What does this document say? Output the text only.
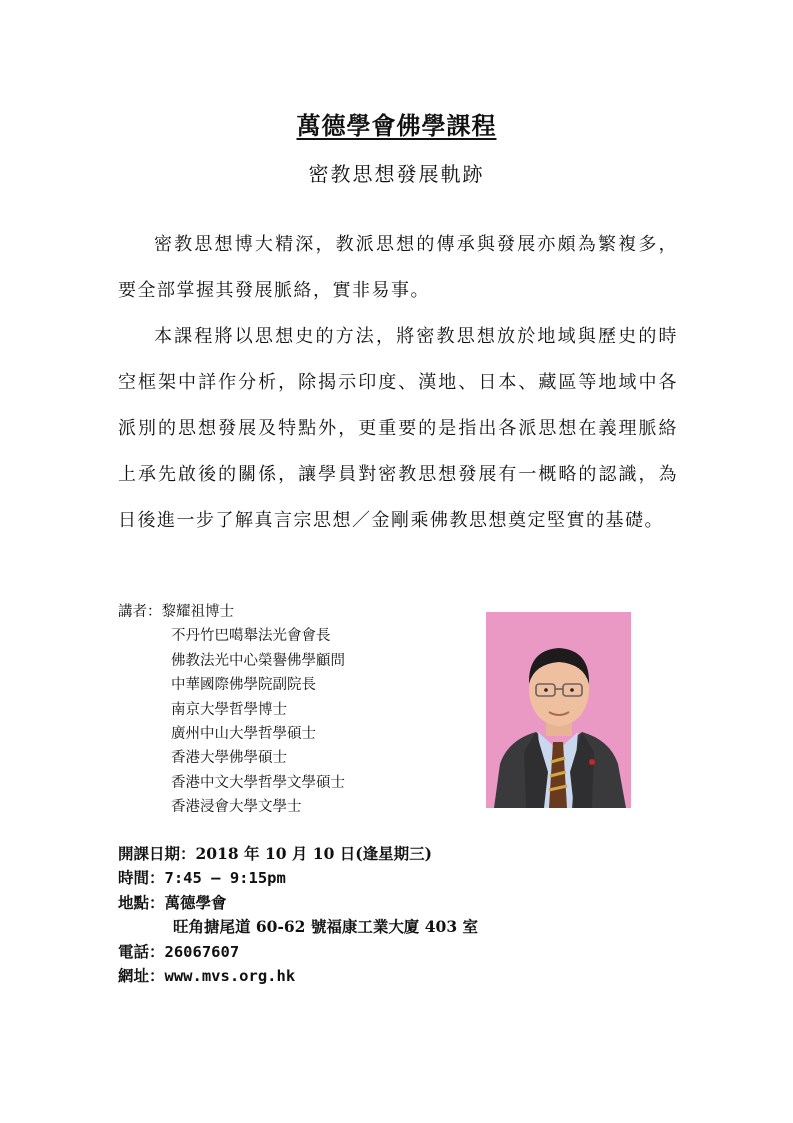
萬德學會佛學課程
密教思想發展軌跡

密教思想博大精深，教派思想的傳承與發展亦頗為繁複多，要全部掌握其發展脈絡，實非易事。

本課程將以思想史的方法，將密教思想放於地域與歷史的時空框架中詳作分析，除揭示印度、漢地、日本、藏區等地域中各派別的思想發展及特點外，更重要的是指出各派思想在義理脈絡上承先啟後的關係，讓學員對密教思想發展有一概略的認識，為日後進一步了解真言宗思想／金剛乘佛教思想奠定堅實的基礎。

講者：黎耀祖博士
不丹竹巴噶舉法光會會長
佛教法光中心榮譽佛學顧問
中華國際佛學院副院長
南京大學哲學博士
廣州中山大學哲學碩士
香港大學佛學碩士
香港中文大學哲學文學碩士
香港浸會大學文學士
開課日期：2018 年 10 月 10 日(逢星期三)
時間：7:45 – 9:15pm
地點：萬德學會
旺角搪尾道 60-62 號福康工業大廈 403 室
電話：26067607
網址：www.mvs.org.hk
